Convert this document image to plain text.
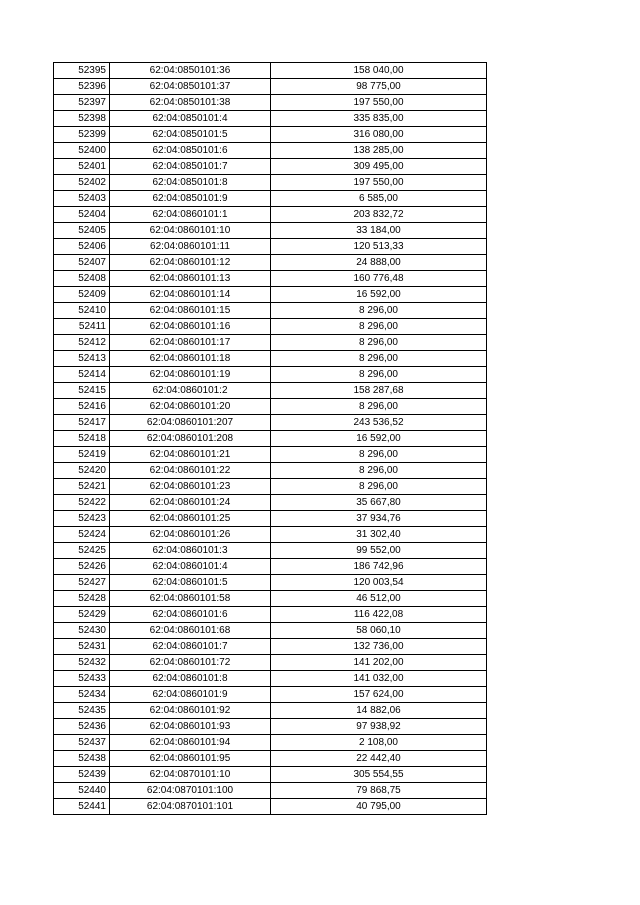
52395	62:04:0850101:36	158 040,00
52396	62:04:0850101:37	98 775,00
52397	62:04:0850101:38	197 550,00
52398	62:04:0850101:4	335 835,00
52399	62:04:0850101:5	316 080,00
52400	62:04:0850101:6	138 285,00
52401	62:04:0850101:7	309 495,00
52402	62:04:0850101:8	197 550,00
52403	62:04:0850101:9	6 585,00
52404	62:04:0860101:1	203 832,72
52405	62:04:0860101:10	33 184,00
52406	62:04:0860101:11	120 513,33
52407	62:04:0860101:12	24 888,00
52408	62:04:0860101:13	160 776,48
52409	62:04:0860101:14	16 592,00
52410	62:04:0860101:15	8 296,00
52411	62:04:0860101:16	8 296,00
52412	62:04:0860101:17	8 296,00
52413	62:04:0860101:18	8 296,00
52414	62:04:0860101:19	8 296,00
52415	62:04:0860101:2	158 287,68
52416	62:04:0860101:20	8 296,00
52417	62:04:0860101:207	243 536,52
52418	62:04:0860101:208	16 592,00
52419	62:04:0860101:21	8 296,00
52420	62:04:0860101:22	8 296,00
52421	62:04:0860101:23	8 296,00
52422	62:04:0860101:24	35 667,80
52423	62:04:0860101:25	37 934,76
52424	62:04:0860101:26	31 302,40
52425	62:04:0860101:3	99 552,00
52426	62:04:0860101:4	186 742,96
52427	62:04:0860101:5	120 003,54
52428	62:04:0860101:58	46 512,00
52429	62:04:0860101:6	116 422,08
52430	62:04:0860101:68	58 060,10
52431	62:04:0860101:7	132 736,00
52432	62:04:0860101:72	141 202,00
52433	62:04:0860101:8	141 032,00
52434	62:04:0860101:9	157 624,00
52435	62:04:0860101:92	14 882,06
52436	62:04:0860101:93	97 938,92
52437	62:04:0860101:94	2 108,00
52438	62:04:0860101:95	22 442,40
52439	62:04:0870101:10	305 554,55
52440	62:04:0870101:100	79 868,75
52441	62:04:0870101:101	40 795,00
